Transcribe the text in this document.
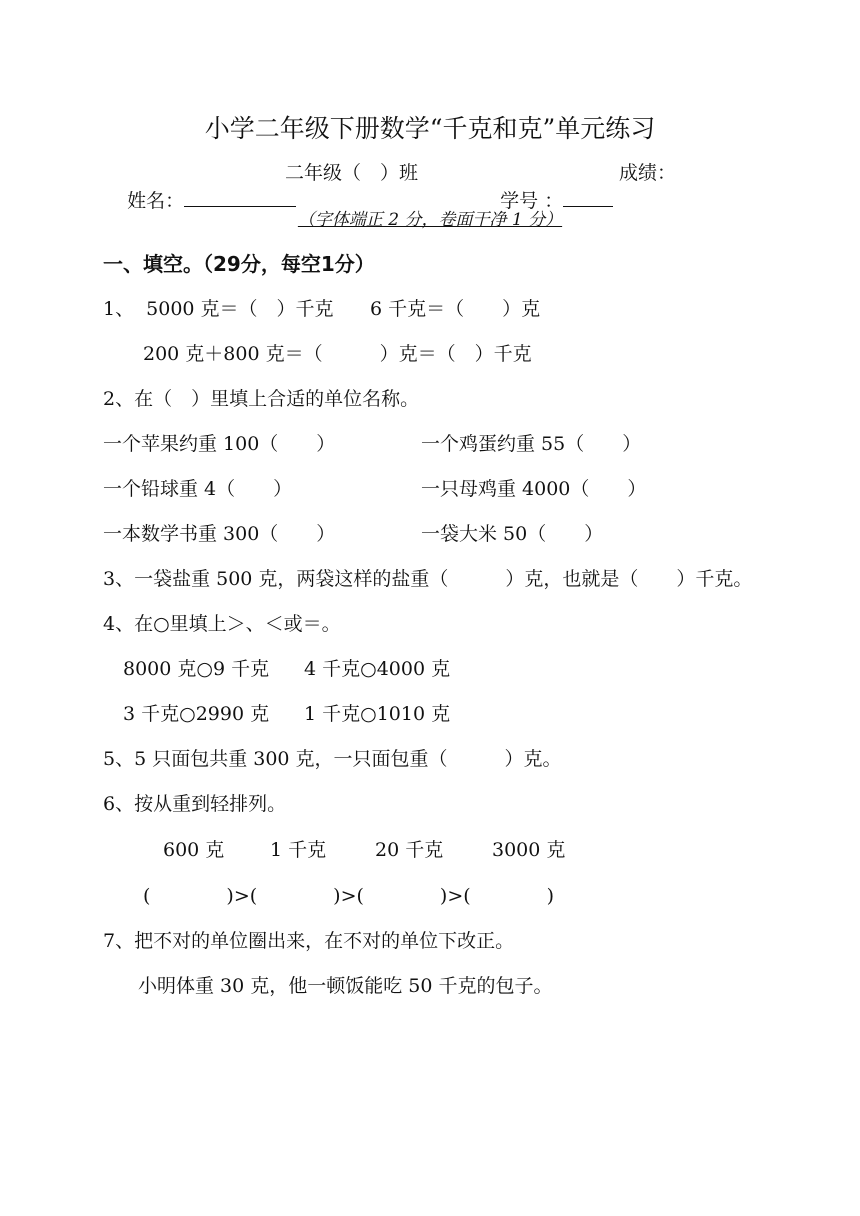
小学二年级下册数学“千克和克”单元练习

姓名：

二年级（　）班

学号 ：

成绩：
（字体端正 2 分，卷面干净 1 分）
一、填空。（29分，每空1分）
1、  5000 克＝（　）千克 6 千克＝（　　）克
200 克＋800 克＝（　　　）克＝（　）千克
2、在（　）里填上合适的单位名称。
一个苹果约重 100（　　）	一个鸡蛋约重 55（　　）
一个铅球重 4（　　）	一只母鸡重 4000（　　）
一本数学书重 300（　　）	一袋大米 50（　　）
3、一袋盐重 500 克，两袋这样的盐重（　　　）克，也就是（　　）千克。
4、在○里填上＞、＜或＝。
8000 克○9 千克 4 千克○4000 克
3 千克○2990 克 1 千克○1010 克
5、5 只面包共重 300 克，一只面包重（　　　）克。
6、按从重到轻排列。
600 克 1 千克	20 千克	3000 克
(　　　　)>(　　　　)>(　　　　)>(　　　　)
7、把不对的单位圈出来，在不对的单位下改正。
小明体重 30 克，他一顿饭能吃 50 千克的包子。
